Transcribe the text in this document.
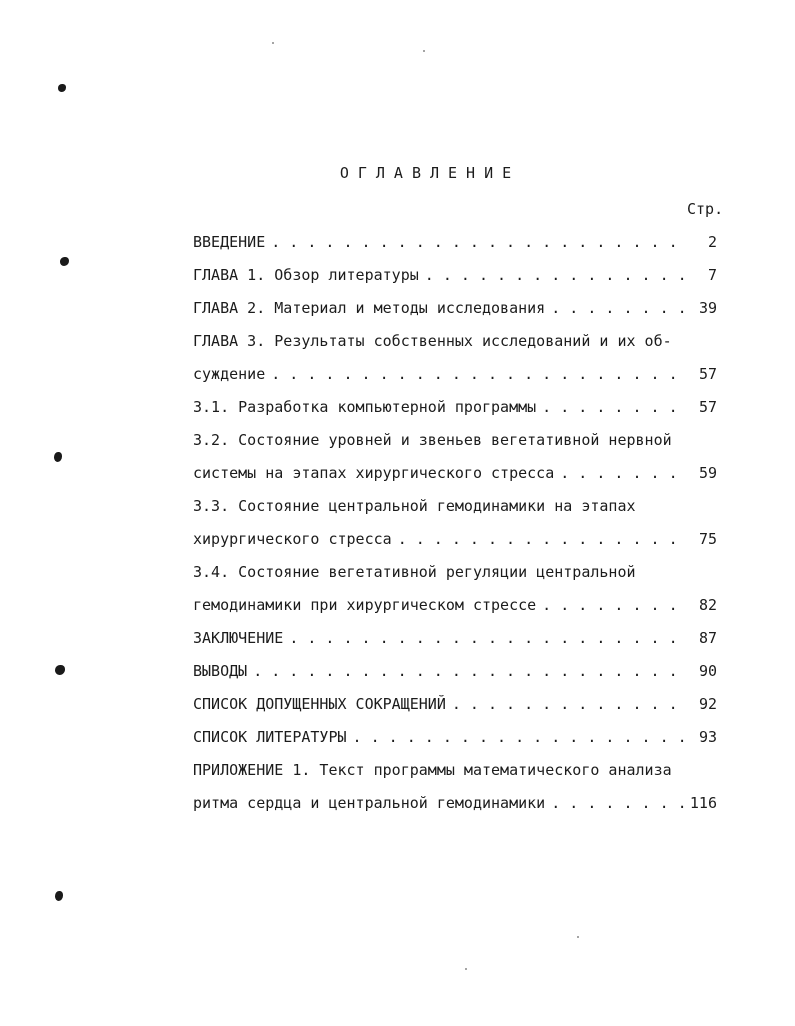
ОГЛАВЛЕНИЕ
Стр.
ВВЕДЕНИЕ . . .	2
ГЛАВА 1. Обзор литературы . . .	7
ГЛАВА 2. Материал и методы исследования . . .	39
ГЛАВА 3. Результаты собственных исследований и их об-
суждение . . .	57
3.1. Разработка компьютерной программы . . .	57
3.2. Состояние уровней и звеньев вегетативной нервной
системы на этапах хирургического стресса . . .	59
3.3. Состояние центральной гемодинамики на этапах
хирургического стресса . . .	75
3.4. Состояние вегетативной регуляции центральной
гемодинамики при хирургическом стрессе . . .	82
ЗАКЛЮЧЕНИЕ . . .	87
ВЫВОДЫ . . .	90
СПИСОК ДОПУЩЕННЫХ СОКРАЩЕНИЙ . . .	92
СПИСОК ЛИТЕРАТУРЫ . . .	93
ПРИЛОЖЕНИЕ 1. Текст программы математического анализа
ритма сердца и центральной гемодинамики . . .	116
